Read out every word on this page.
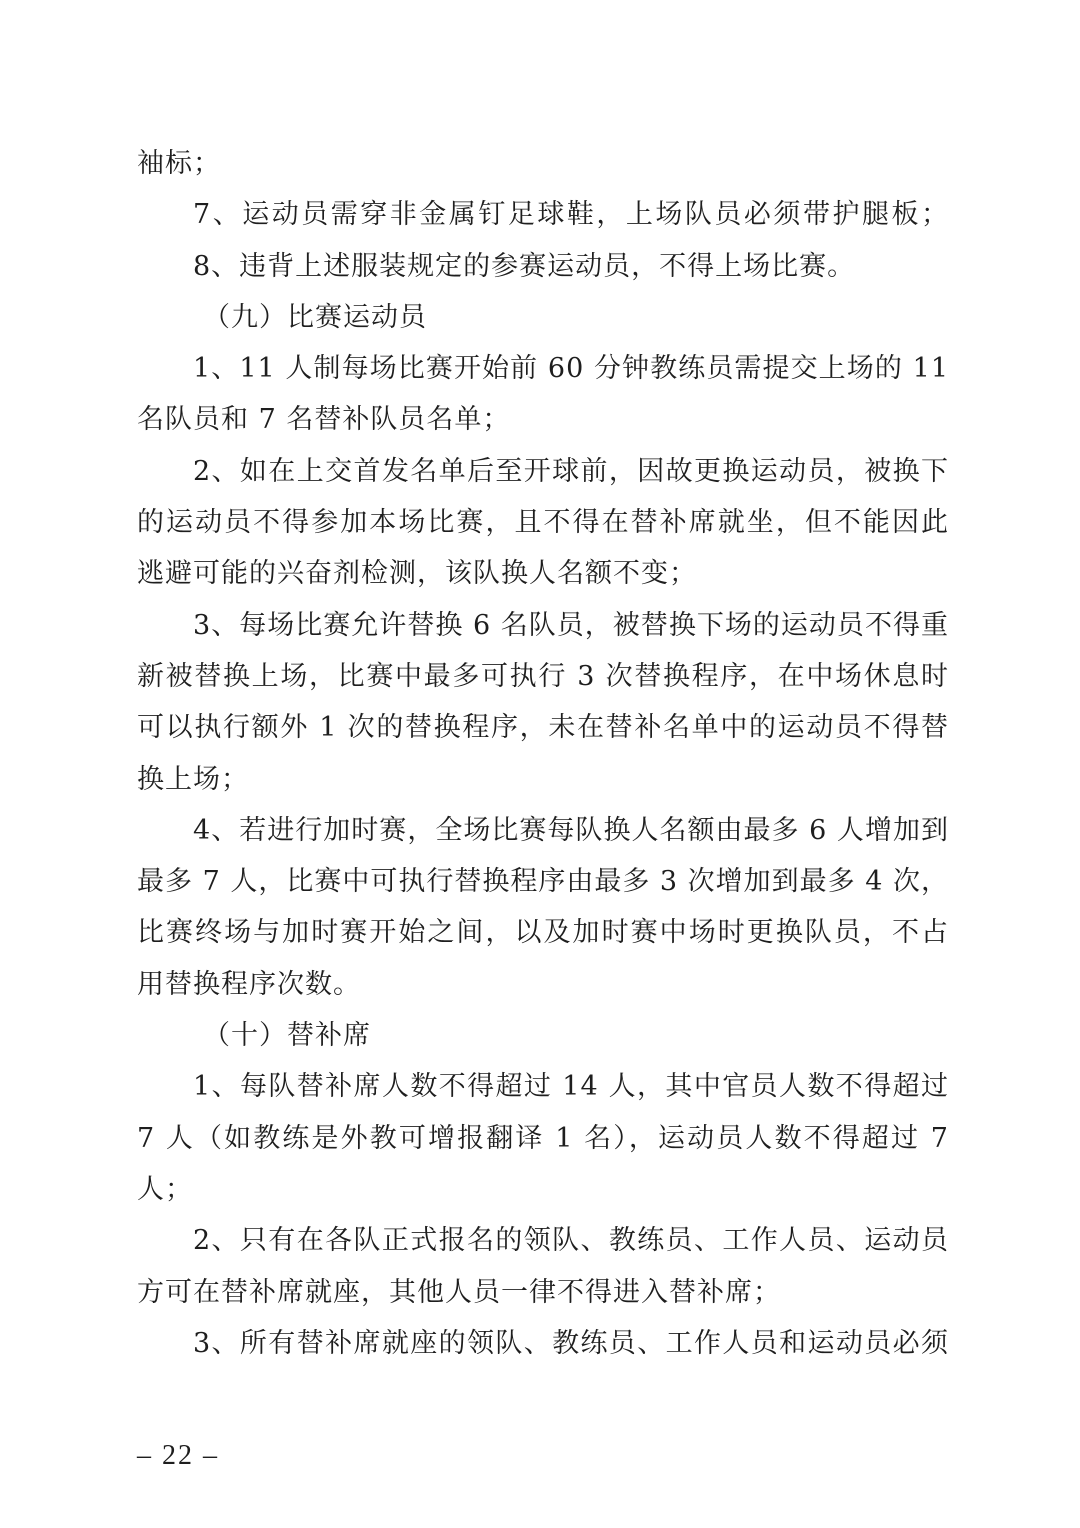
袖标；
7、运动员需穿非金属钉足球鞋，上场队员必须带护腿板；
8、违背上述服装规定的参赛运动员，不得上场比赛。
（九）比赛运动员
1、11 人制每场比赛开始前 60 分钟教练员需提交上场的 11
名队员和 7 名替补队员名单；
2、如在上交首发名单后至开球前，因故更换运动员，被换下
的运动员不得参加本场比赛，且不得在替补席就坐，但不能因此
逃避可能的兴奋剂检测，该队换人名额不变；
3、每场比赛允许替换 6 名队员，被替换下场的运动员不得重
新被替换上场，比赛中最多可执行 3 次替换程序，在中场休息时
可以执行额外 1 次的替换程序，未在替补名单中的运动员不得替
换上场；
4、若进行加时赛，全场比赛每队换人名额由最多 6 人增加到
最多 7 人，比赛中可执行替换程序由最多 3 次增加到最多 4 次，
比赛终场与加时赛开始之间，以及加时赛中场时更换队员，不占
用替换程序次数。
（十）替补席
1、每队替补席人数不得超过 14 人，其中官员人数不得超过
7 人（如教练是外教可增报翻译 1 名），运动员人数不得超过 7
人；
2、只有在各队正式报名的领队、教练员、工作人员、运动员
方可在替补席就座，其他人员一律不得进入替补席；
3、所有替补席就座的领队、教练员、工作人员和运动员必须
– 22 –
